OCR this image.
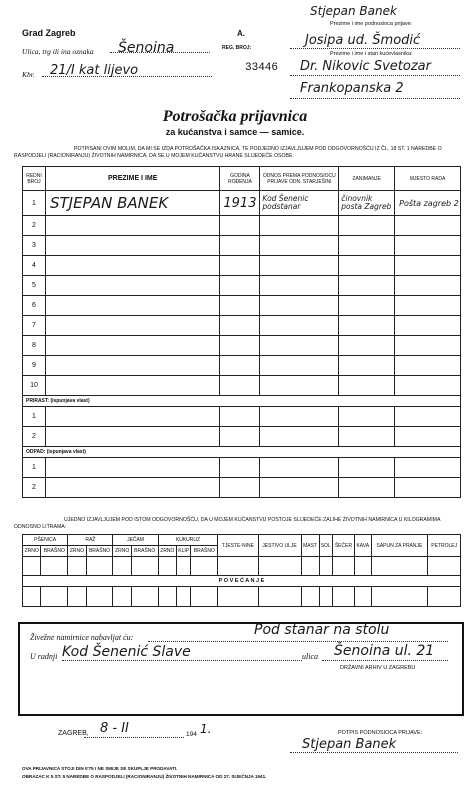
Grad Zagreb	A.
Ulica, trg ili ina oznaka Šenoina	REG. BROJ:
33446
Kbr. 21/I kat lijevo
Stjepan Banek
Prezime i ime podnosioca prijave:
Josipa ud. Šmodić
Prezime i ime i stan kućevlasnika:
Dr. Nikovic Svetozar
Frankopanska 2
Potrošačka prijavnica
za kućanstva i samce — samice.
POTPISANI OVIM MOLIM, DA MI SE IZDA POTROŠAČKA ISKAZNICA, TE PODJEDNO IZJAVLJUJEM POD ODGOVORNOŠĆU IZ ČL. 18 ST. 1 NAREDBE O RASPODJELI (RACIONIRANJU) ŽIVOTNIH NAMIRNICA, DA SE U MOJEM KUĆANSTVU HRANE SLIJEDEĆE OSOBE:
REDNI BROJ	PREZIME I IME	GODINA ROĐENJA	ODNOS PREMA PODNOSIOCU PRIJAVE ODN. STARJEŠINI	ZANIMANJE	MJESTO RADA
1	STJEPAN BANEK	1913	Kod Šenenic podstanar	činovnik posta Zagreb	Pošta zagreb 2
2					
3					
4					
5					
6					
7					
8					
9					
10					
PRIRAST: (ispunjava vlast)					
1					
2					
ODPAD: (ispunjava vlast)					
1					
2					
UJEDNO IZJAVLJUJEM POD ISTOM ODGOVORNOŠĆU, DA U MOJEM KUĆANSTVU POSTOJE SLIJEDEĆE ZALIHE ŽIVOTNIH NAMIRNICA U KILOGRAMIMA ODNOSNO LITRAMA:
PŠENICA		RAŽ		JEČAM		KUKURUZ			TJESTE-NINE	JESTIVO ULJE	MAST	SOL	ŠEĆER	KAVA	SAPUN ZA PRANJE	PETROLEJ
ZRNO	BRAŠNO	ZRNO	BRAŠNO	ZRNO	BRAŠNO	ZRNO	KLIP	BRAŠNO								

P O V E Ć A N J E																

Živežne namirnice nabavljat ću:	Pod stanar na stolu
U radnji Kod Šenenić Slave	ulica Šenoina ul. 21
DRŽAVNI ARHIV U ZAGREBU
ZAGREB, 8 - II	194 1.	POTPIS PODNOSIOCA PRIJAVE:
Stjepan Banek
OVA PRIJAVNICA STOJI DIN 0'75 I NE SMIJE SE SKUPLJE PRODAVATI.
OBRAZAC K 5 ST. 5 NAREDBE O RASPODJELI (RACIONIRANJU) ŽIVOTNIH NAMIRNICA OD 27. SIJEČNJA 1941.
